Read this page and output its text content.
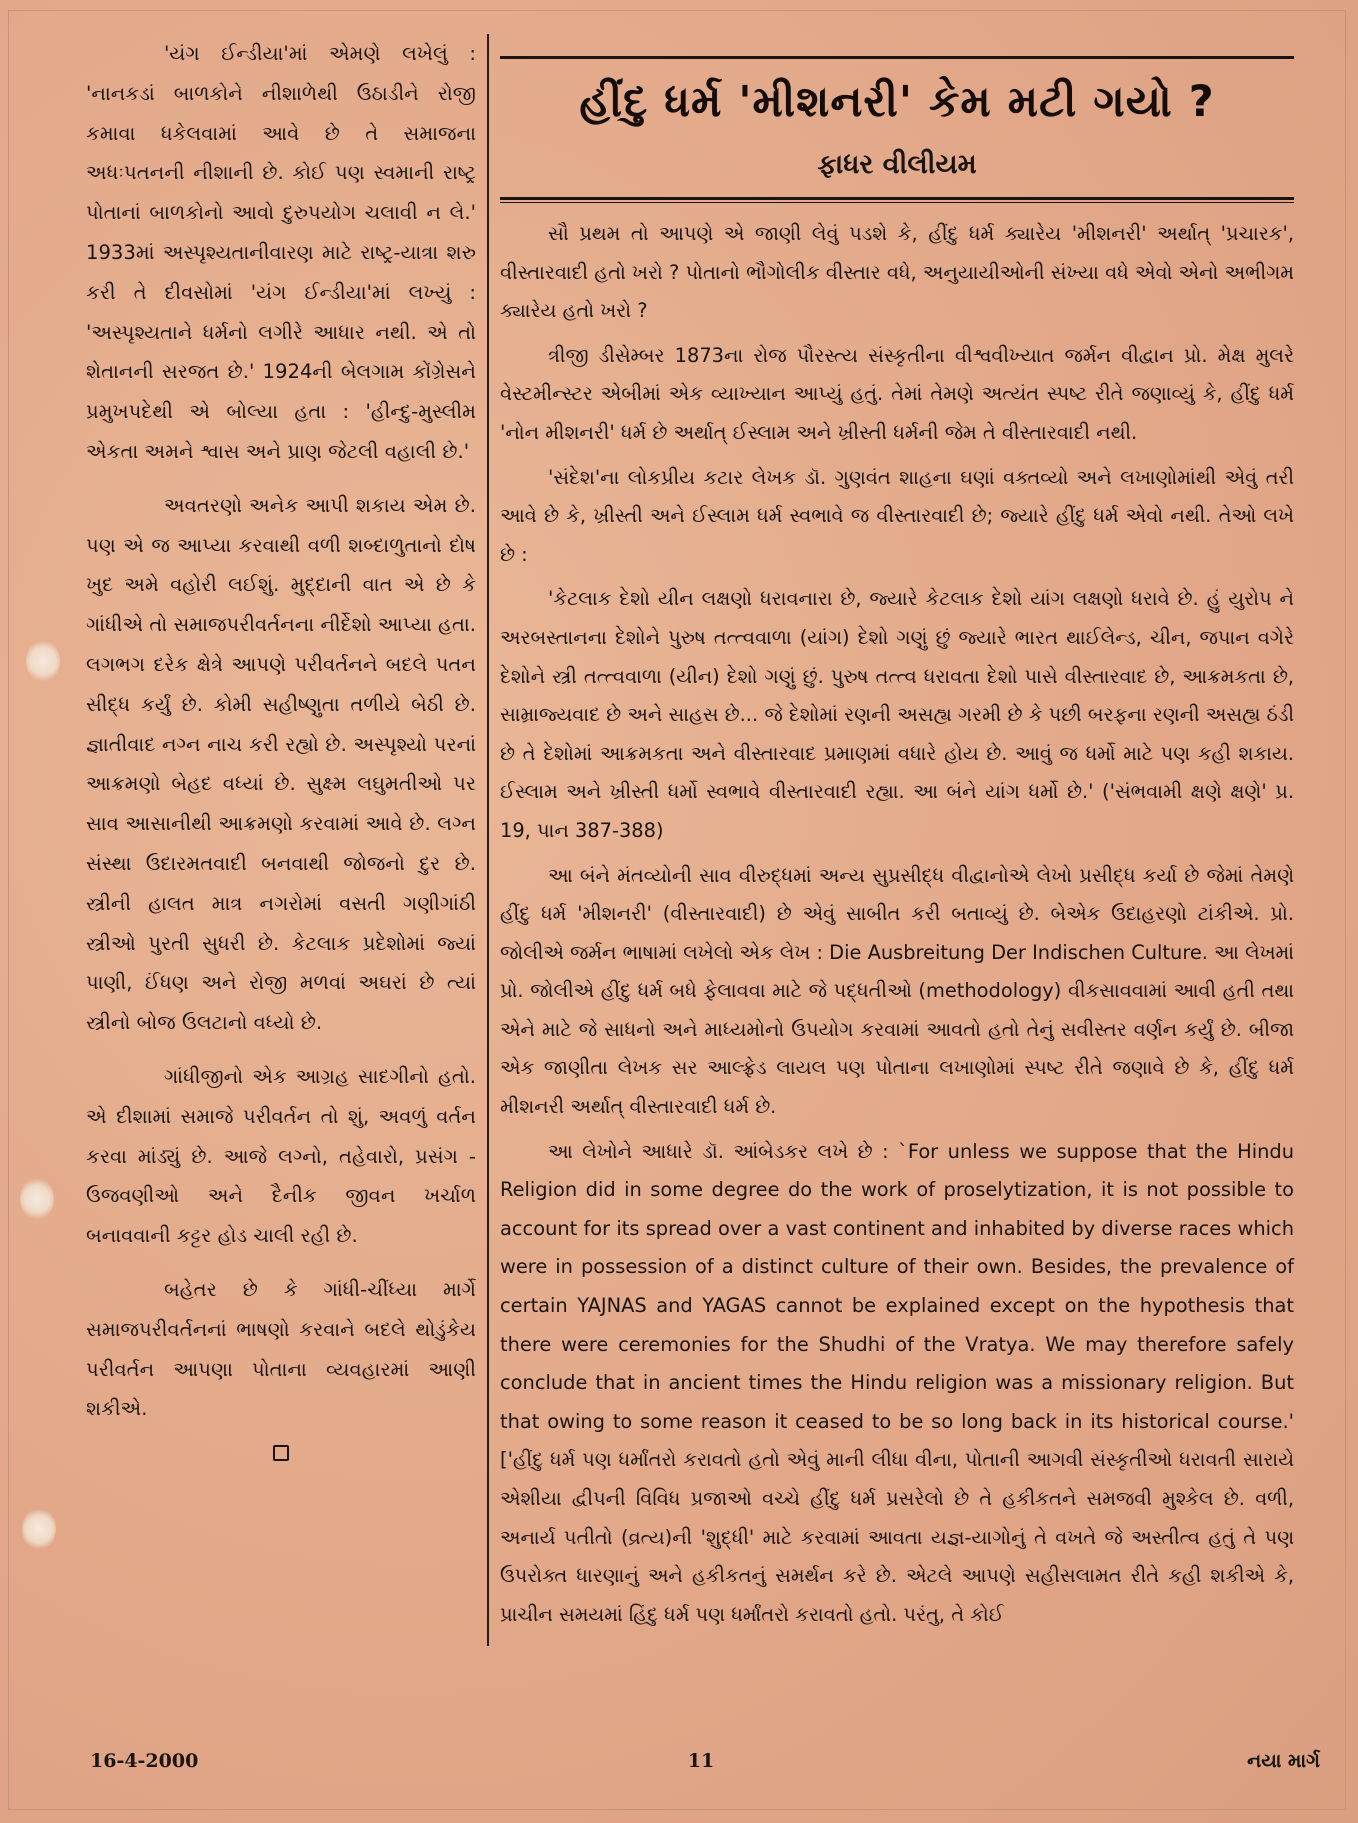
'યંગ ઈન્ડીયા'માં એમણે લખેલું : 'નાનકડાં બાળકોને નીશાળેથી ઉઠાડીને રોજી કમાવા ધકેલવામાં આવે છે તે સમાજના અધઃપતનની નીશાની છે. કોઈ પણ સ્વમાની રાષ્ટ્ર પોતાનાં બાળકોનો આવો દુરુપયોગ ચલાવી ન લે.' 1933માં અસ્પૃશ્યતાનીવારણ માટે રાષ્ટ્ર-યાત્રા શરુ કરી તે દીવસોમાં 'યંગ ઈન્ડીયા'માં લખ્યું : 'અસ્પૃશ્યતાને ધર્મનો લગીરે આધાર નથી. એ તો શેતાનની સરજત છે.' 1924ની બેલગામ કોંગ્રેસને પ્રમુખપદેથી એ બોલ્યા હતા : 'હીન્દુ-મુસ્લીમ એકતા અમને શ્વાસ અને પ્રાણ જેટલી વહાલી છે.'

અવતરણો અનેક આપી શકાય એમ છે. પણ એ જ આપ્યા કરવાથી વળી શબ્દાળુતાનો દોષ ખુદ અમે વહોરી લઈશું. મુદ્દાની વાત એ છે કે ગાંધીએ તો સમાજપરીવર્તનના નીર્દેશો આપ્યા હતા. લગભગ દરેક ક્ષેત્રે આપણે પરીવર્તનને બદલે પતન સીદ્ધ કર્યું છે. કોમી સહીષ્ણુતા તળીયે બેઠી છે. જ્ઞાતીવાદ નગ્ન નાચ કરી રહ્યો છે. અસ્પૃશ્યો પરનાં આક્રમણો બેહદ વધ્યાં છે. સુક્ષ્મ લઘુમતીઓ પર સાવ આસાનીથી આક્રમણો કરવામાં આવે છે. લગ્ન સંસ્થા ઉદારમતવાદી બનવાથી જોજનો દુર છે. સ્ત્રીની હાલત માત્ર નગરોમાં વસતી ગણીગાંઠી સ્ત્રીઓ પુરતી સુધરી છે. કેટલાક પ્રદેશોમાં જ્યાં પાણી, ઈંધણ અને રોજી મળવાં અઘરાં છે ત્યાં સ્ત્રીનો બોજ ઉલટાનો વધ્યો છે.

ગાંધીજીનો એક આગ્રહ સાદગીનો હતો. એ દીશામાં સમાજે પરીવર્તન તો શું, અવળું વર્તન કરવા માંડ્યું છે. આજે લગ્નો, તહેવારો, પ્રસંગ - ઉજવણીઓ અને દૈનીક જીવન ખર્ચાળ બનાવવાની કટ્ટર હોડ ચાલી રહી છે.

બહેતર છે કે ગાંધી-ચીંધ્યા માર્ગે સમાજપરીવર્તનનાં ભાષણો કરવાને બદલે થોડુંકેય પરીવર્તન આપણા પોતાના વ્યવહારમાં આણી શકીએ.

હીંદુ ધર્મ 'મીશનરી' કેમ મટી ગયો ?
ફાધર વીલીયમ

સૌ પ્રથમ તો આપણે એ જાણી લેવું પડશે કે, હીંદુ ધર્મ ક્યારેય 'મીશનરી' અર્થાત્ 'પ્રચારક', વીસ્તારવાદી હતો ખરો ? પોતાનો ભૌગોલીક વીસ્તાર વધે, અનુયાયીઓની સંખ્યા વધે એવો એનો અભીગમ ક્યારેય હતો ખરો ?

ત્રીજી ડીસેમ્બર 1873ના રોજ પૌરસ્ત્ય સંસ્કૃતીના વીશ્વવીખ્યાત જર્મન વીદ્વાન પ્રો. મેક્ષ મુલરે વેસ્ટમીન્સ્ટર એબીમાં એક વ્યાખ્યાન આપ્યું હતું. તેમાં તેમણે અત્યંત સ્પષ્ટ રીતે જણાવ્યું કે, હીંદુ ધર્મ 'નોન મીશનરી' ધર્મ છે અર્થાત્ ઈસ્લામ અને ખ્રીસ્તી ધર્મની જેમ તે વીસ્તારવાદી નથી.

'સંદેશ'ના લોકપ્રીય કટાર લેખક ડૉ. ગુણવંત શાહના ઘણાં વક્તવ્યો અને લખાણોમાંથી એવું તરી આવે છે કે, ખ્રીસ્તી અને ઈસ્લામ ધર્મ સ્વભાવે જ વીસ્તારવાદી છે; જ્યારે હીંદુ ધર્મ એવો નથી. તેઓ લખે છે :

'કેટલાક દેશો યીન લક્ષણો ધરાવનારા છે, જ્યારે કેટલાક દેશો યાંગ લક્ષણો ધરાવે છે. હું યુરોપ ને અરબસ્તાનના દેશોને પુરુષ તત્ત્વવાળા (યાંગ) દેશો ગણું છું જ્યારે ભારત થાઈલેન્ડ, ચીન, જપાન વગેરે દેશોને સ્ત્રી તત્ત્વવાળા (યીન) દેશો ગણું છું. પુરુષ તત્ત્વ ધરાવતા દેશો પાસે વીસ્તારવાદ છે, આક્રમકતા છે, સામ્રાજ્યવાદ છે અને સાહસ છે... જે દેશોમાં રણની અસહ્ય ગરમી છે કે પછી બરફના રણની અસહ્ય ઠંડી છે તે દેશોમાં આક્રમકતા અને વીસ્તારવાદ પ્રમાણમાં વધારે હોય છે. આવું જ ધર્મો માટે પણ કહી શકાય. ઈસ્લામ અને ખ્રીસ્તી ધર્મો સ્વભાવે વીસ્તારવાદી રહ્યા. આ બંને યાંગ ધર્મો છે.' ('સંભવામી ક્ષણે ક્ષણે' પ્ર. 19, પાન 387-388)

આ બંને મંતવ્યોની સાવ વીરુદ્ધમાં અન્ય સુપ્રસીદ્ધ વીદ્વાનોએ લેખો પ્રસીદ્ધ કર્યા છે જેમાં તેમણે હીંદુ ધર્મ 'મીશનરી' (વીસ્તારવાદી) છે એવું સાબીત કરી બતાવ્યું છે. બેએક ઉદાહરણો ટાંકીએ. પ્રો. જોલીએ જર્મન ભાષામાં લખેલો એક લેખ : Die Ausbreitung Der Indischen Culture. આ લેખમાં પ્રો. જોલીએ હીંદુ ધર્મ બધે ફેલાવવા માટે જે પદ્ધતીઓ (methodology) વીકસાવવામાં આવી હતી તથા એને માટે જે સાધનો અને માધ્યમોનો ઉપયોગ કરવામાં આવતો હતો તેનું સવીસ્તર વર્ણન કર્યું છે. બીજા એક જાણીતા લેખક સર આલ્ફ્રેડ લાયલ પણ પોતાના લખાણોમાં સ્પષ્ટ રીતે જણાવે છે કે, હીંદુ ધર્મ મીશનરી અર્થાત્ વીસ્તારવાદી ધર્મ છે.

આ લેખોને આધારે ડૉ. આંબેડકર લખે છે : `For unless we suppose that the Hindu Religion did in some degree do the work of proselytization, it is not possible to account for its spread over a vast continent and inhabited by diverse races which were in possession of a distinct culture of their own. Besides, the prevalence of certain YAJNAS and YAGAS cannot be explained except on the hypothesis that there were ceremonies for the Shudhi of the Vratya. We may therefore safely conclude that in ancient times the Hindu religion was a missionary religion. But that owing to some reason it ceased to be so long back in its historical course.' ['હીંદુ ધર્મ પણ ધર્માંતરો કરાવતો હતો એવું માની લીધા વીના, પોતાની આગવી સંસ્કૃતીઓ ધરાવતી સારાયે એશીયા દ્વીપની વિવિધ પ્રજાઓ વચ્ચે હીંદુ ધર્મ પ્રસરેલો છે તે હકીકતને સમજવી મુશ્કેલ છે. વળી, અનાર્ય પતીતો (વ્રત્ય)ની 'શુદ્ધી' માટે કરવામાં આવતા યજ્ઞ-યાગોનું તે વખતે જે અસ્તીત્વ હતું તે પણ ઉપરોક્ત ધારણાનું અને હકીકતનું સમર્થન કરે છે. એટલે આપણે સહીસલામત રીતે કહી શકીએ કે, પ્રાચીન સમયમાં હિંદુ ધર્મ પણ ધર્માંતરો કરાવતો હતો. પરંતુ, તે કોઈ

16-4-2000	11	નયા માર્ગ
